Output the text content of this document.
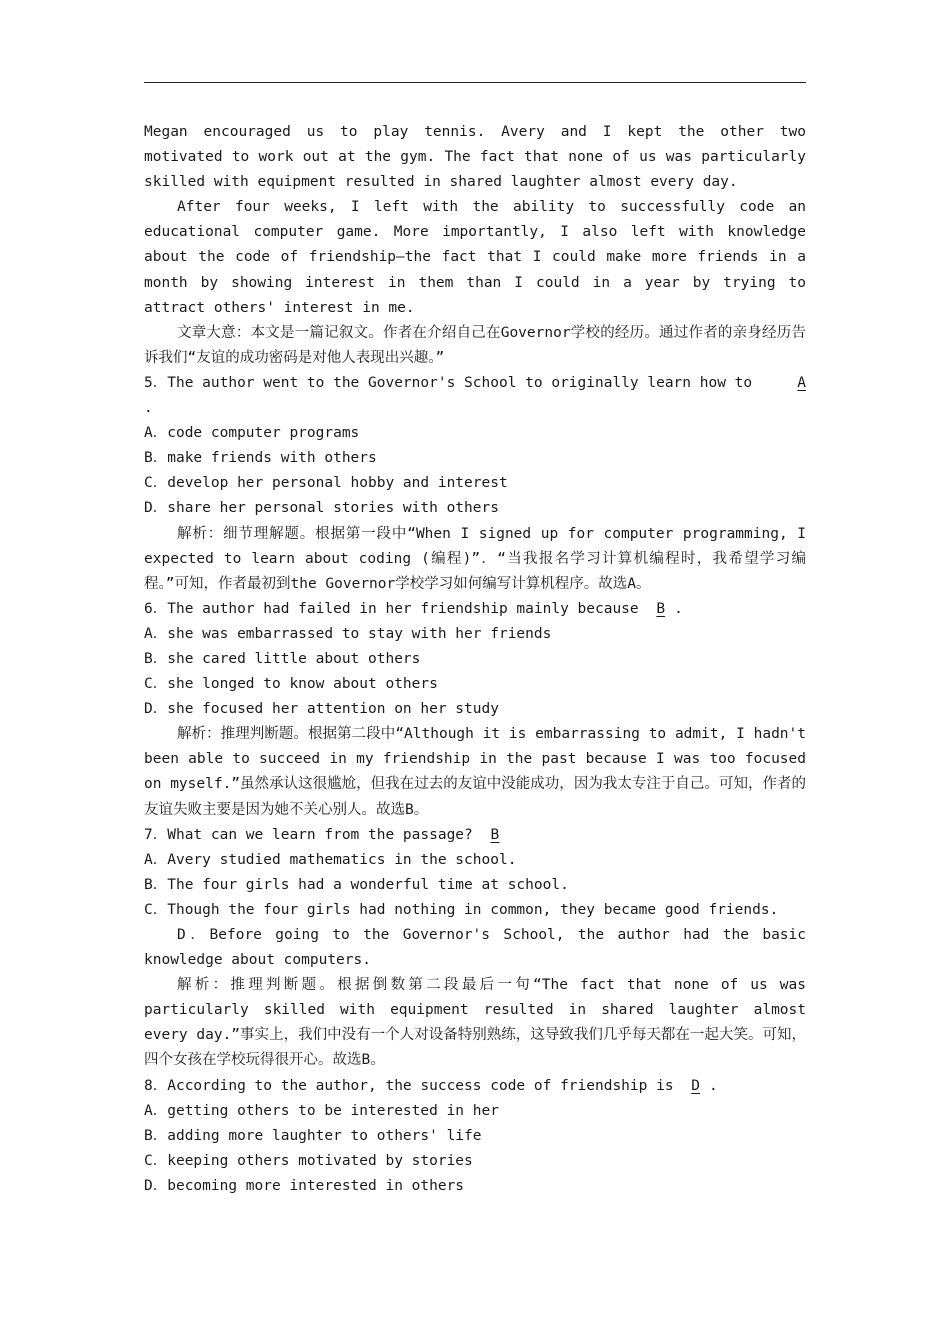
Megan encouraged us to play tennis. Avery and I kept the other two motivated to work out at the gym. The fact that none of us was particularly skilled with equipment resulted in shared laughter almost every day.

After four weeks, I left with the ability to successfully code an educational computer game. More importantly, I also left with knowledge about the code of friendship—the fact that I could make more friends in a month by showing interest in them than I could in a year by trying to attract others' interest in me.

文章大意：本文是一篇记叙文。作者在介绍自己在Governor学校的经历。通过作者的亲身经历告诉我们“友谊的成功密码是对他人表现出兴趣。”

A
5．The author went to the Governor's School to originally learn how to

.

A．code computer programs

B．make friends with others

C．develop her personal hobby and interest

D．share her personal stories with others

解析：细节理解题。根据第一段中“When I signed up for computer programming, I expected to learn about coding (编程)”．“当我报名学习计算机编程时，我希望学习编程。”可知，作者最初到the Governor学校学习如何编写计算机程序。故选A。

6．The author had failed in her friendship mainly because B .

A．she was embarrassed to stay with her friends

B．she cared little about others

C．she longed to know about others

D．she focused her attention on her study

解析：推理判断题。根据第二段中“Although it is embarrassing to admit, I hadn't been able to succeed in my friendship in the past because I was too focused on myself.”虽然承认这很尴尬，但我在过去的友谊中没能成功，因为我太专注于自己。可知，作者的友谊失败主要是因为她不关心别人。故选B。

7．What can we learn from the passage? B

A．Avery studied mathematics in the school.

B．The four girls had a wonderful time at school.

C．Though the four girls had nothing in common, they became good friends.

D．Before going to the Governor's School, the author had the basic knowledge about computers.

解析：推理判断题。根据倒数第二段最后一句“The fact that none of us was particularly skilled with equipment resulted in shared laughter almost every day.”事实上，我们中没有一个人对设备特别熟练，这导致我们几乎每天都在一起大笑。可知，四个女孩在学校玩得很开心。故选B。

8．According to the author, the success code of friendship is D .

A．getting others to be interested in her

B．adding more laughter to others' life

C．keeping others motivated by stories

D．becoming more interested in others
